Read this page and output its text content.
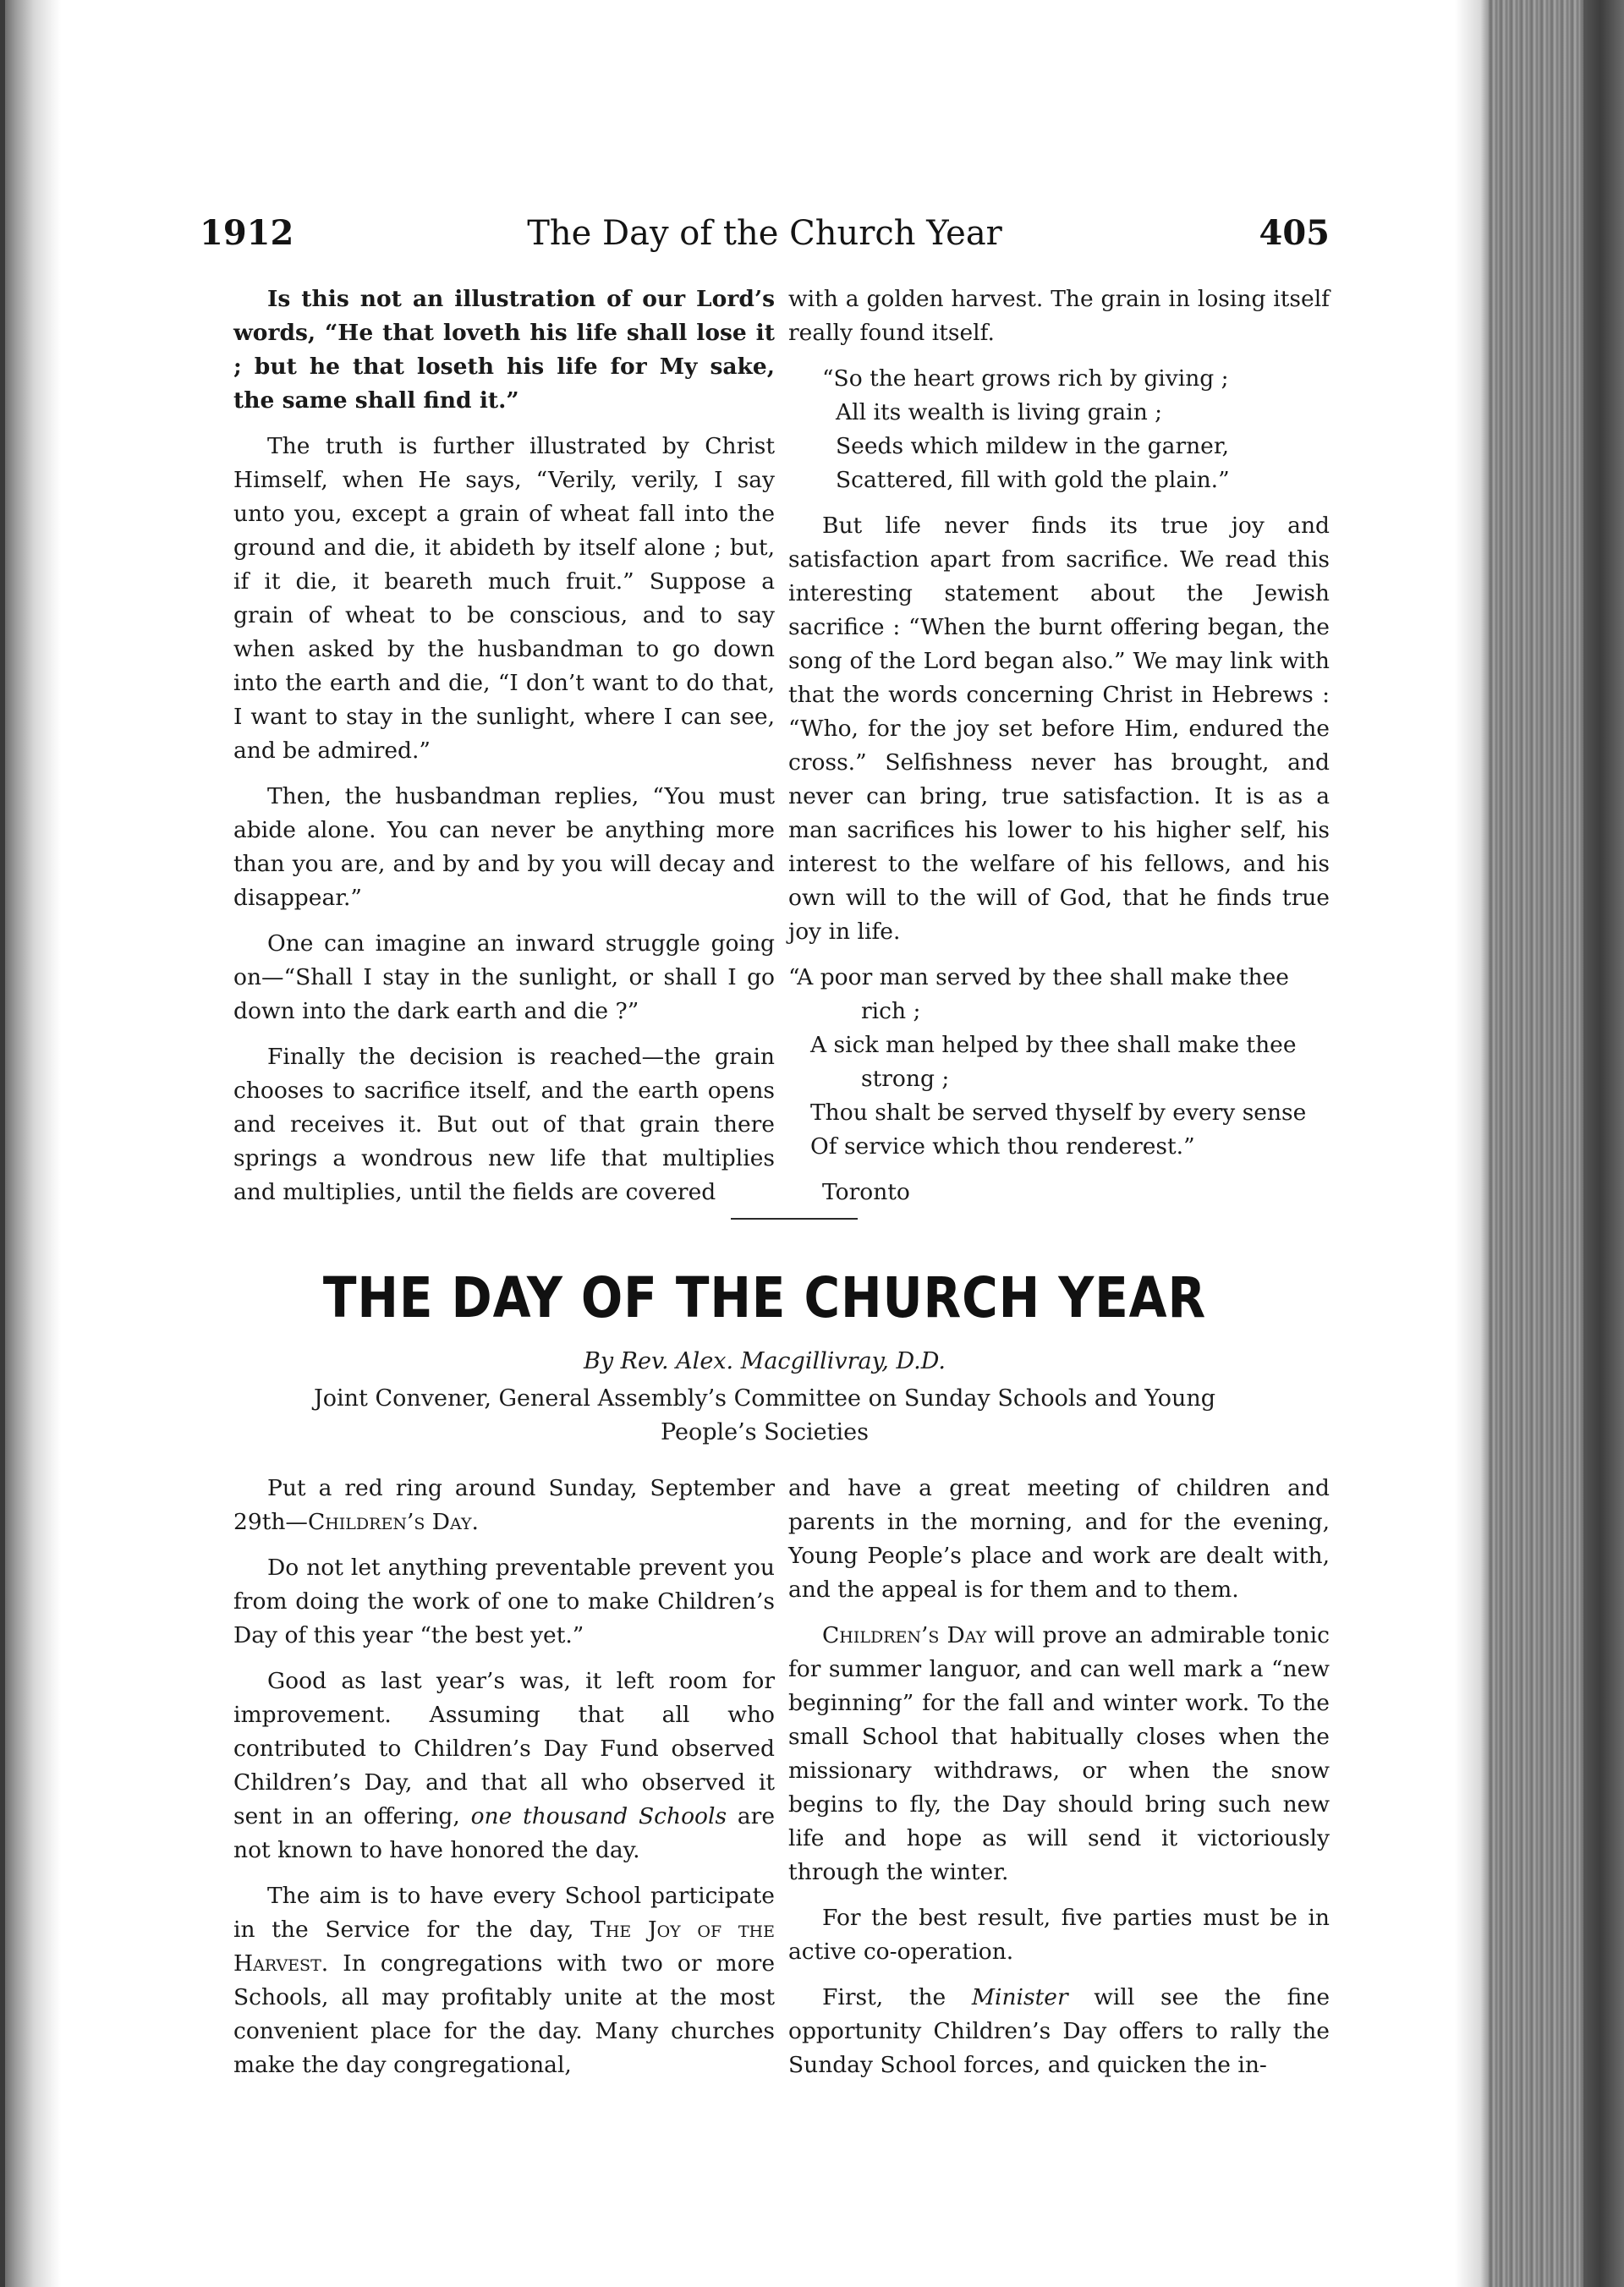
1912	The Day of the Church Year	405

Is this not an illustration of our Lord’s words, “He that loveth his life shall lose it ; but he that loseth his life for My sake, the same shall find it.”

The truth is further illustrated by Christ Himself, when He says, “Verily, verily, I say unto you, except a grain of wheat fall into the ground and die, it abideth by itself alone ; but, if it die, it beareth much fruit.” Suppose a grain of wheat to be conscious, and to say when asked by the husbandman to go down into the earth and die, “I don’t want to do that, I want to stay in the sunlight, where I can see, and be admired.”

Then, the husbandman replies, “You must abide alone. You can never be anything more than you are, and by and by you will decay and disappear.”

One can imagine an inward struggle going on—“Shall I stay in the sunlight, or shall I go down into the dark earth and die ?”

Finally the decision is reached—the grain chooses to sacrifice itself, and the earth opens and receives it. But out of that grain there springs a wondrous new life that multiplies and multiplies, until the fields are covered

with a golden harvest. The grain in losing itself really found itself.

“So the heart grows rich by giving ;
All its wealth is living grain ;
Seeds which mildew in the garner,
Scattered, fill with gold the plain.”

But life never finds its true joy and satisfaction apart from sacrifice. We read this interesting statement about the Jewish sacrifice : “When the burnt offering began, the song of the Lord began also.” We may link with that the words concerning Christ in Hebrews : “Who, for the joy set before Him, endured the cross.” Selfishness never has brought, and never can bring, true satisfaction. It is as a man sacrifices his lower to his higher self, his interest to the welfare of his fellows, and his own will to the will of God, that he finds true joy in life.

“A poor man served by thee shall make thee
rich ;
A sick man helped by thee shall make thee
strong ;
Thou shalt be served thyself by every sense
Of service which thou renderest.”

Toronto

THE DAY OF THE CHURCH YEAR
By Rev. Alex. Macgillivray, D.D.
Joint Convener, General Assembly’s Committee on Sunday Schools and Young People’s Societies

Put a red ring around Sunday, September 29th—Children’s Day.

Do not let anything preventable prevent you from doing the work of one to make Children’s Day of this year “the best yet.”

Good as last year’s was, it left room for improvement. Assuming that all who contributed to Children’s Day Fund observed Children’s Day, and that all who observed it sent in an offering, one thousand Schools are not known to have honored the day.

The aim is to have every School participate in the Service for the day, The Joy of the Harvest. In congregations with two or more Schools, all may profitably unite at the most convenient place for the day. Many churches make the day congregational,

and have a great meeting of children and parents in the morning, and for the evening, Young People’s place and work are dealt with, and the appeal is for them and to them.

Children’s Day will prove an admirable tonic for summer languor, and can well mark a “new beginning” for the fall and winter work. To the small School that habitually closes when the missionary withdraws, or when the snow begins to fly, the Day should bring such new life and hope as will send it victoriously through the winter.

For the best result, five parties must be in active co-operation.

First, the Minister will see the fine opportunity Children’s Day offers to rally the Sunday School forces, and quicken the in-
